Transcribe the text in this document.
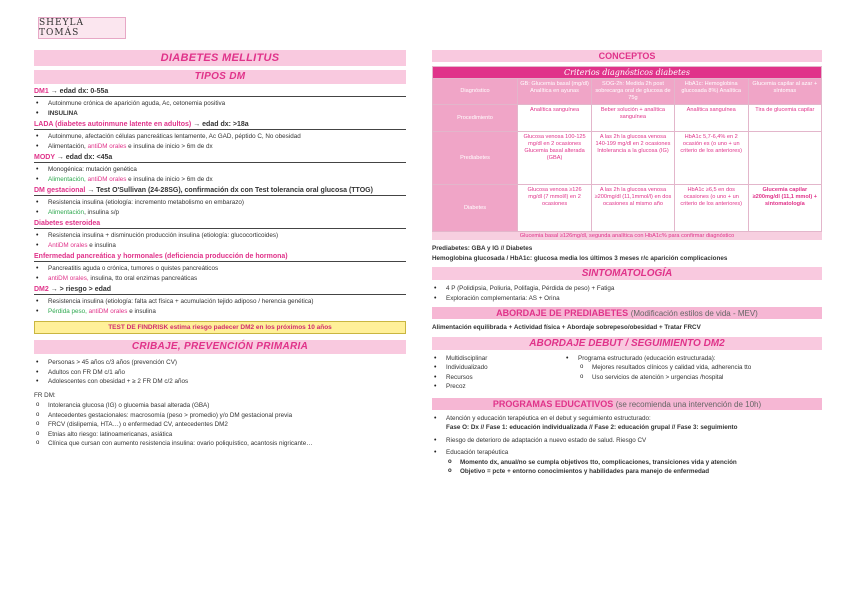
SHEYLA TOMÁS
DIABETES MELLITUS
TIPOS DM
DM1 → edad dx: 0-55a
• Autoinmune crónica de aparición aguda, Ac, cetonemia positiva
• INSULINA
LADA (diabetes autoinmune latente en adultos) → edad dx: >18a
• Autoinmune, afectación células pancreáticas lentamente, Ac GAD, péptido C, No obesidad
• Alimentación, antiDM orales e insulina de inicio > 6m de dx
MODY → edad dx: <45a
• Monogénica: mutación genética
• Alimentación, antiDM orales e insulina de inicio > 6m de dx
DM gestacional → Test O'Sullivan (24-28SG), confirmación dx con Test tolerancia oral glucosa (TTOG)
• Resistencia insulina (etiología: incremento metabolismo en embarazo)
• Alimentación, insulina s/p
Diabetes esteroidea
• Resistencia insulina + disminución producción insulina (etiología: glucocorticoides)
• AntiDM orales e insulina
Enfermedad pancreática y hormonales (deficiencia producción de hormona)
• Pancreatitis aguda o crónica, tumores o quistes pancreáticos
• antiDM orales, insulina, tto oral enzimas pancreáticas
DM2 → > riesgo > edad
• Resistencia insulina (etiología: falta act física + acumulación tejido adiposo / herencia genética)
• Pérdida peso, antiDM orales e insulina
TEST DE FINDRISK estima riesgo padecer DM2 en los próximos 10 años
CRIBAJE, PREVENCIÓN PRIMARIA
• Personas > 45 años c/3 años (prevención CV)
• Adultos con FR DM c/1 año
• Adolescentes con obesidad + ≥ 2 FR DM c/2 años
FR DM:
o Intolerancia glucosa (IG) o glucemia basal alterada (GBA)
o Antecedentes gestacionales: macrosomía (peso > promedio) y/o DM gestacional previa
o FRCV (dislipemia, HTA…) o enfermedad CV, antecedentes DM2
o Etnias alto riesgo: latinoamericanas, asiática
o Clínica que cursan con aumento resistencia insulina: ovario poliquístico, acantosis nigricante…
CONCEPTOS
Criterios diagnósticos diabetes				
Diagnóstico	GB: Glucemia basal (mg/dl) Analítica en ayunas	SOG-2h: Medida 2h post sobrecarga oral de glucosa de 75g	HbA1c: Hemoglobina glucosada 8%) Analítica	Glucemia capilar al azar + síntomas
Procedimiento	Analítica sanguínea	Beber solución + analítica sanguínea	Analítica sanguínea	Tira de glucemia capilar
Prediabetes	Glucosa venosa 100-125 mg/dl en 2 ocasiones Glucemia basal alterada (GBA)	A las 2h la glucosa venosa 140-199 mg/dl en 2 ocasiones Intolerancia a la glucosa (IG)	HbA1c 5,7-6,4% en 2 ocasión es (o uno + un criterio de los anteriores)	
Diabetes	Glucosa venosa ≥126 mg/dl (7 mmol/l) en 2 ocasiones	A las 2h la glucosa venosa ≥200mg/dl (11,1mmol/l) en dos ocasiones al mismo año	HbA1c ≥6,5 en dos ocasiones (o uno + un criterio de los anteriores)	Glucemia capilar ≥200mg/dl (11,1 mmol) + sintomatología
Glucemia basal ≥126mg/dl, segunda analítica con HbA1c% para confirmar diagnóstico
Prediabetes: GBA y IG // Diabetes
Hemoglobina glucosada / HbA1c: glucosa media los últimos 3 meses r/c aparición complicaciones
SINTOMATOLOGÍA
• 4 P (Polidipsia, Poliuria, Polifagia, Pérdida de peso) + Fatiga
• Exploración complementaria: AS + Orina
ABORDAJE DE PREDIABETES (Modificación estilos de vida - MEV)
Alimentación equilibrada + Actividad física + Abordaje sobrepeso/obesidad + Tratar FRCV
ABORDAJE DEBUT / SEGUIMIENTO DM2
• Multidisciplinar
• Individualizado
• Recursos
• Precoz
• Programa estructurado (educación estructurada):
o Mejores resultados clínicos y calidad vida, adherencia tto
o Uso servicios de atención > urgencias /hospital
PROGRAMAS EDUCATIVOS (se recomienda una intervención de 10h)
• Atención y educación terapéutica en el debut y seguimiento estructurado:
Fase O: Dx // Fase 1: educación individualizada // Fase 2: educación grupal // Fase 3: seguimiento
• Riesgo de deterioro de adaptación a nuevo estado de salud. Riesgo CV
• Educación terapéutica
o Momento dx, anual/no se cumpla objetivos tto, complicaciones, transiciones vida y atención
o Objetivo = pcte + entorno conocimientos y habilidades para manejo de enfermedad
